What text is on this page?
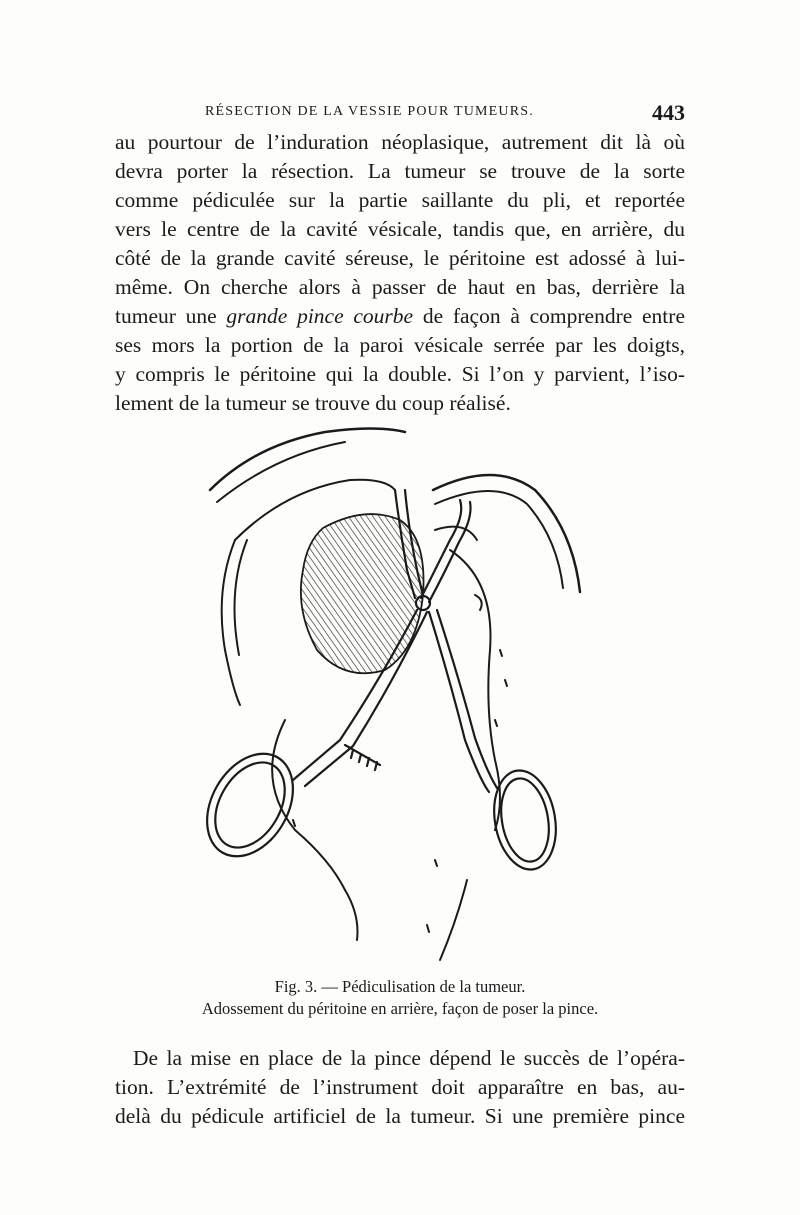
RÉSECTION DE LA VESSIE POUR TUMEURS.	443
au pourtour de l’induration néoplasique, autrement dit là où
devra porter la résection. La tumeur se trouve de la sorte
comme pédiculée sur la partie saillante du pli, et reportée
vers le centre de la cavité vésicale, tandis que, en arrière, du
côté de la grande cavité séreuse, le péritoine est adossé à lui-
même. On cherche alors à passer de haut en bas, derrière la
tumeur une grande pince courbe de façon à comprendre entre
ses mors la portion de la paroi vésicale serrée par les doigts,
y compris le péritoine qui la double. Si l’on y parvient, l’iso-
lement de la tumeur se trouve du coup réalisé.
Fig. 3. — Pédiculisation de la tumeur.
Adossement du péritoine en arrière, façon de poser la pince.
De la mise en place de la pince dépend le succès de l’opéra-
tion. L’extrémité de l’instrument doit apparaître en bas, au-
delà du pédicule artificiel de la tumeur. Si une première pince
